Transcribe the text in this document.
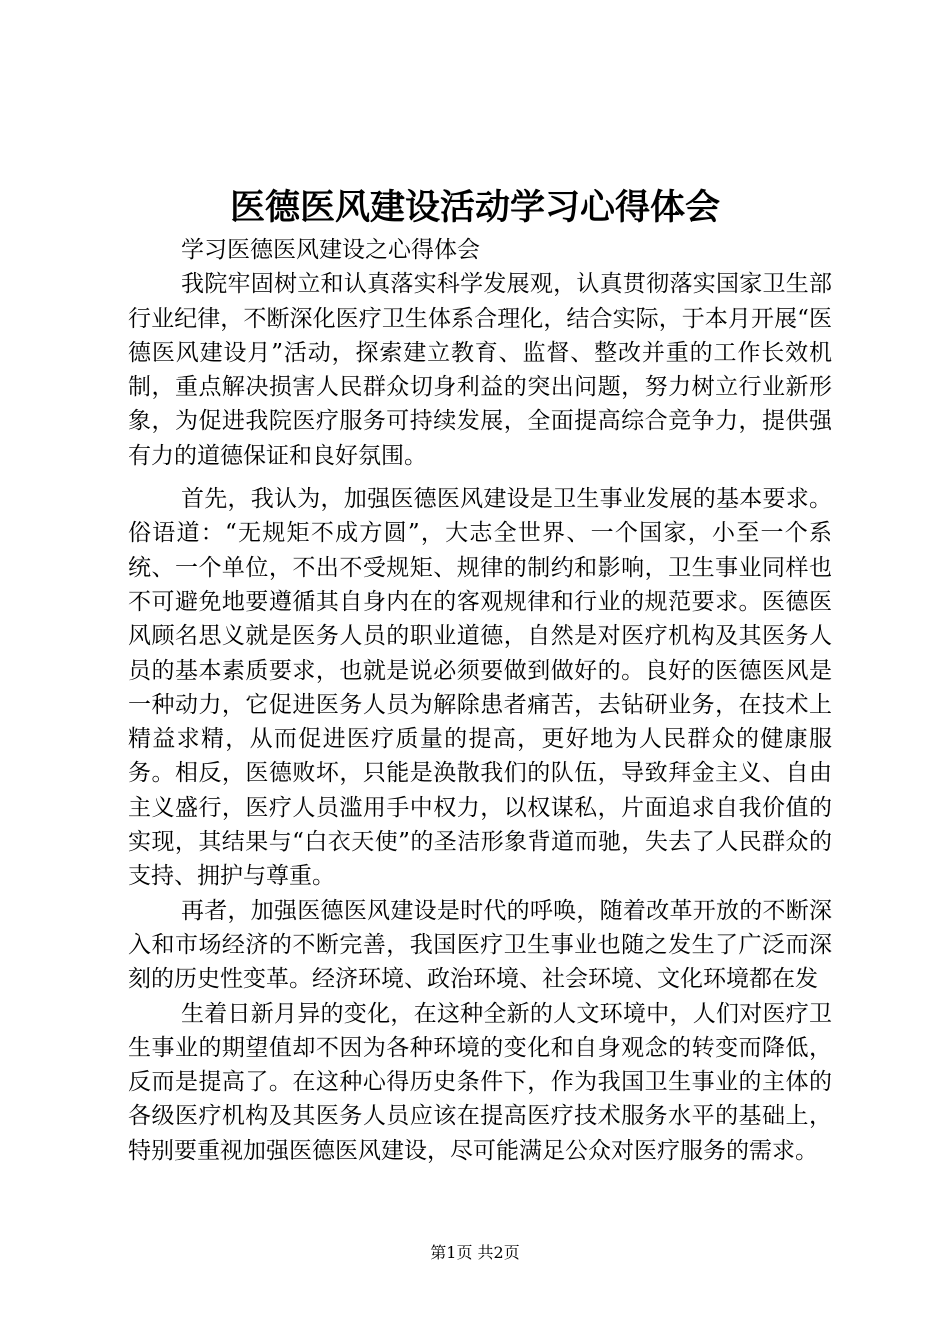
医德医风建设活动学习心得体会

学习医德医风建设之心得体会

我院牢固树立和认真落实科学发展观，认真贯彻落实国家卫生部行业纪律，不断深化医疗卫生体系合理化，结合实际，于本月开展“医德医风建设月”活动，探索建立教育、监督、整改并重的工作长效机制，重点解决损害人民群众切身利益的突出问题，努力树立行业新形象，为促进我院医疗服务可持续发展，全面提高综合竞争力，提供强有力的道德保证和良好氛围。

首先，我认为，加强医德医风建设是卫生事业发展的基本要求。俗语道：“无规矩不成方圆”，大志全世界、一个国家，小至一个系统、一个单位，不出不受规矩、规律的制约和影响，卫生事业同样也不可避免地要遵循其自身内在的客观规律和行业的规范要求。医德医风顾名思义就是医务人员的职业道德，自然是对医疗机构及其医务人员的基本素质要求，也就是说必须要做到做好的。良好的医德医风是一种动力，它促进医务人员为解除患者痛苦，去钻研业务，在技术上精益求精，从而促进医疗质量的提高，更好地为人民群众的健康服务。相反，医德败坏，只能是涣散我们的队伍，导致拜金主义、自由主义盛行，医疗人员滥用手中权力，以权谋私，片面追求自我价值的实现，其结果与“白衣天使”的圣洁形象背道而驰，失去了人民群众的支持、拥护与尊重。

再者，加强医德医风建设是时代的呼唤，随着改革开放的不断深入和市场经济的不断完善，我国医疗卫生事业也随之发生了广泛而深刻的历史性变革。经济环境、政治环境、社会环境、文化环境都在发

生着日新月异的变化，在这种全新的人文环境中，人们对医疗卫生事业的期望值却不因为各种环境的变化和自身观念的转变而降低，反而是提高了。在这种心得历史条件下，作为我国卫生事业的主体的各级医疗机构及其医务人员应该在提高医疗技术服务水平的基础上，特别要重视加强医德医风建设，尽可能满足公众对医疗服务的需求。

第1页 共2页
